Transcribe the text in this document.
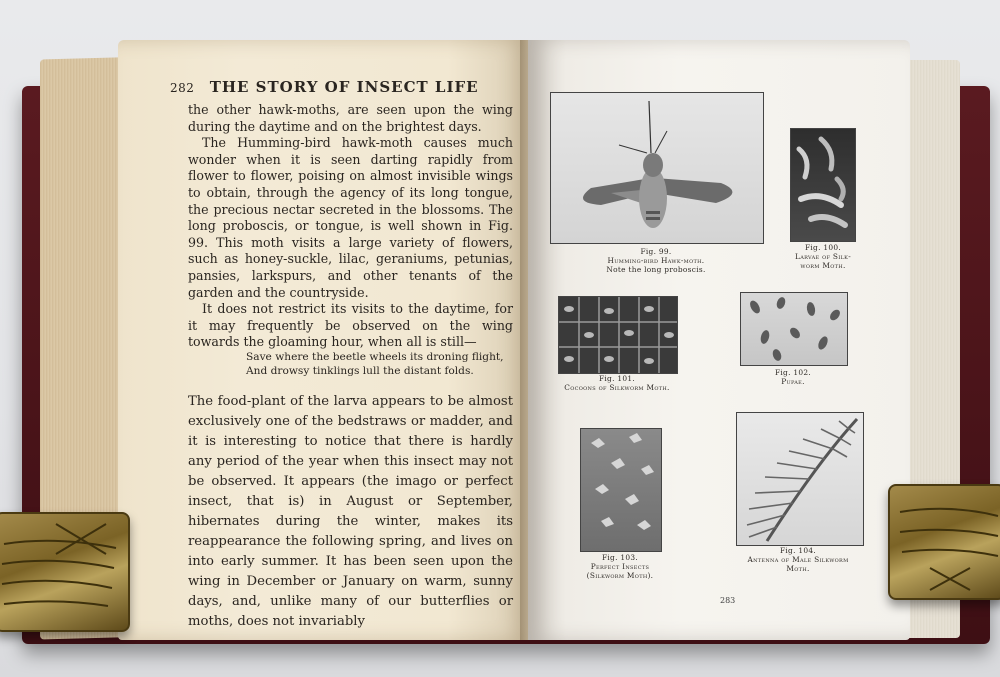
282 THE STORY OF INSECT LIFE

the other hawk-moths, are seen upon the wing during the daytime and on the brightest days.

The Humming-bird hawk-moth causes much wonder when it is seen darting rapidly from flower to flower, poising on almost invisible wings to obtain, through the agency of its long tongue, the precious nectar secreted in the blossoms. The long proboscis, or tongue, is well shown in Fig. 99. This moth visits a large variety of flowers, such as honey-suckle, lilac, geraniums, petunias, pansies, larkspurs, and other tenants of the garden and the countryside.

It does not restrict its visits to the daytime, for it may frequently be observed on the wing towards the gloaming hour, when all is still—

Save where the beetle wheels its droning flight,
And drowsy tinklings lull the distant folds.

The food-plant of the larva appears to be almost exclusively one of the bedstraws or madder, and it is interesting to notice that there is hardly any period of the year when this insect may not be observed. It appears (the imago or perfect insect, that is) in August or September, hibernates during the winter, makes its reappearance the following spring, and lives on into early summer. It has been seen upon the wing in December or January on warm, sunny days, and, unlike many of our butterflies or moths, does not invariably

Fig. 99.
Humming-bird Hawk-moth.
Note the long proboscis.
Fig. 100.
Larvae of Silk-
worm Moth.
Fig. 101.
Cocoons of Silkworm Moth.
Fig. 102.
Pupae.
Fig. 103.
Perfect Insects
(Silkworm Moth).
Fig. 104.
Antenna of Male Silkworm
Moth.
283
